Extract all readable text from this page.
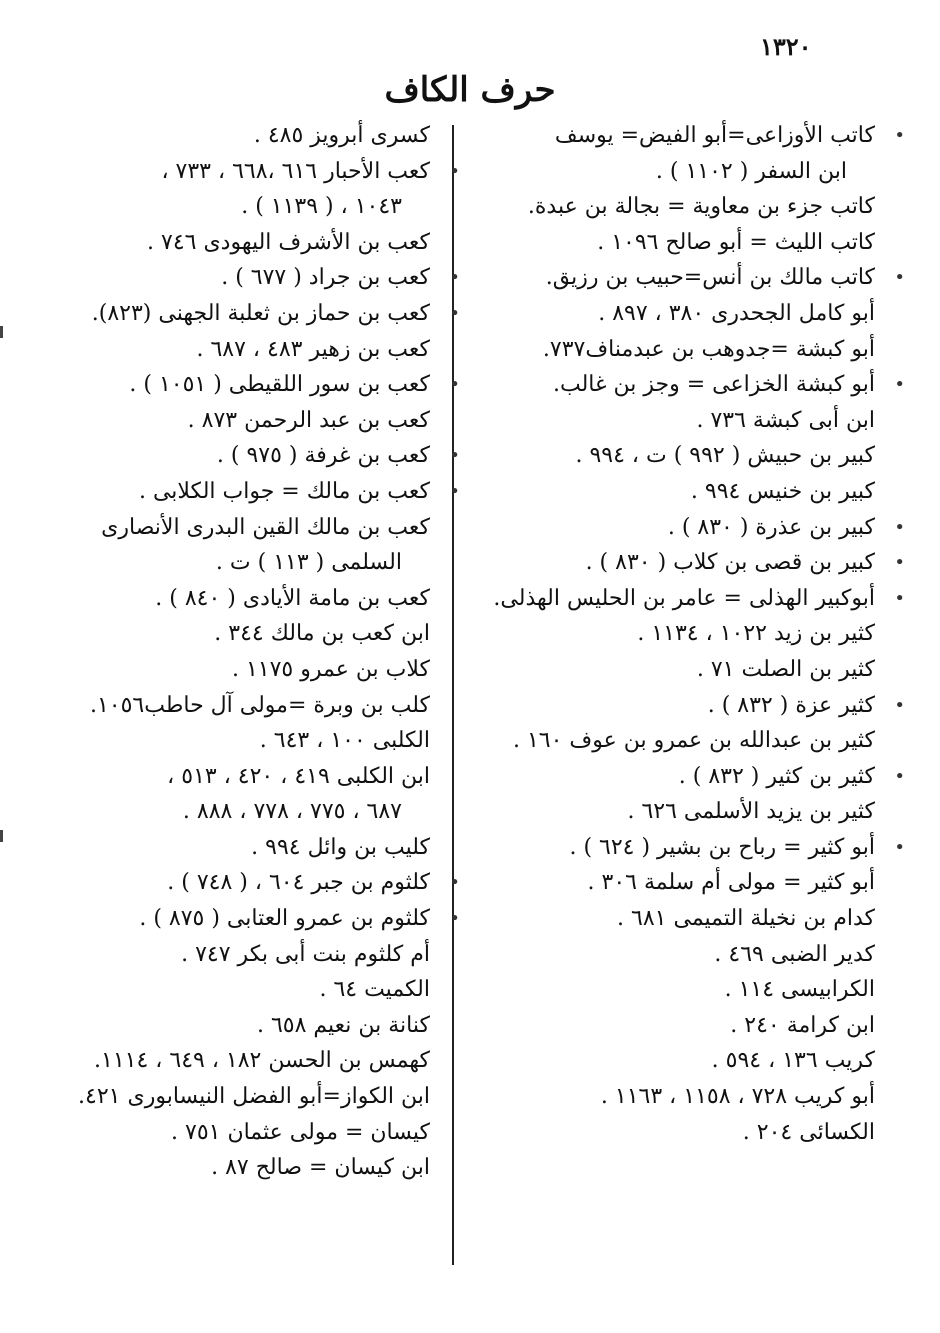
١٣٢٠
حرف الكاف
• كاتب الأوزاعى=أبو الفيض= يوسف
ابن السفر ( ١١٠٢ ) .
كاتب جزء بن معاوية = بجالة بن عبدة.
كاتب الليث = أبو صالح ١٠٩٦ .
• كاتب مالك بن أنس=حبيب بن رزيق.
أبو كامل الجحدرى ٣٨٠ ، ٨٩٧ .
أبو كبشة =جدوهب بن عبدمناف٧٣٧.
• أبو كبشة الخزاعى = وجز بن غالب.
ابن أبى كبشة ٧٣٦ .
كبير بن حبيش ( ٩٩٢ ) ت ، ٩٩٤ .
كبير بن خنيس ٩٩٤ .
• كبير بن عذرة ( ٨٣٠ ) .
• كبير بن قصى بن كلاب ( ٨٣٠ ) .
• أبوكبير الهذلى = عامر بن الحليس الهذلى.
كثير بن زيد ١٠٢٢ ، ١١٣٤ .
كثير بن الصلت ٧١ .
• كثير عزة ( ٨٣٢ ) .
كثير بن عبدالله بن عمرو بن عوف ١٦٠ .
• كثير بن كثير ( ٨٣٢ ) .
كثير بن يزيد الأسلمى ٦٢٦ .
• أبو كثير = رباح بن بشير ( ٦٢٤ ) .
أبو كثير = مولى أم سلمة ٣٠٦ .
كدام بن نخيلة التميمى ٦٨١ .
كدير الضبى ٤٦٩ .
الكرابيسى ١١٤ .
ابن كرامة ٢٤٠ .
كريب ١٣٦ ، ٥٩٤ .
أبو كريب ٧٢٨ ، ١١٥٨ ، ١١٦٣ .
الكسائى ٢٠٤ .
كسرى أبرويز ٤٨٥ .
• كعب الأحبار ٦١٦ ،٦٦٨ ، ٧٣٣ ،
١٠٤٣ ، ( ١١٣٩ ) .
كعب بن الأشرف اليهودى ٧٤٦ .
• كعب بن جراد ( ٦٧٧ ) .
• كعب بن حماز بن ثعلبة الجهنى (٨٢٣).
كعب بن زهير ٤٨٣ ، ٦٨٧ .
• كعب بن سور اللقيطى ( ١٠٥١ ) .
كعب بن عبد الرحمن ٨٧٣ .
• كعب بن غرفة ( ٩٧٥ ) .
• كعب بن مالك = جواب الكلابى .
كعب بن مالك القين البدرى الأنصارى
السلمى ( ١١٣ ) ت .
كعب بن مامة الأيادى ( ٨٤٠ ) .
ابن كعب بن مالك ٣٤٤ .
كلاب بن عمرو ١١٧٥ .
كلب بن وبرة =مولى آل حاطب١٠٥٦.
الكلبى ١٠٠ ، ٦٤٣ .
ابن الكلبى ٤١٩ ، ٤٢٠ ، ٥١٣ ،
٦٨٧ ، ٧٧٥ ، ٧٧٨ ، ٨٨٨ .
كليب بن وائل ٩٩٤ .
• كلثوم بن جبر ٦٠٤ ، ( ٧٤٨ ) .
• كلثوم بن عمرو العتابى ( ٨٧٥ ) .
أم كلثوم بنت أبى بكر ٧٤٧ .
الكميت ٦٤ .
كنانة بن نعيم ٦٥٨ .
كهمس بن الحسن ١٨٢ ، ٦٤٩ ، ١١١٤.
ابن الكواز=أبو الفضل النيسابورى ٤٢١.
كيسان = مولى عثمان ٧٥١ .
ابن كيسان = صالح ٨٧ .
